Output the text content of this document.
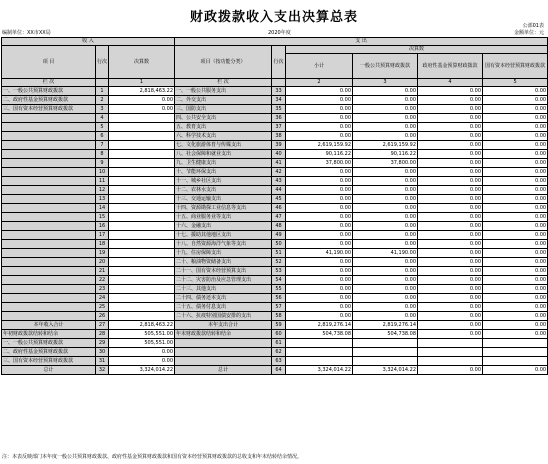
财政拨款收入支出决算总表
公部01表
编制单位：XX市XX局	2020年度	金额单位：元
收 入			支 出					
项 目	行次	决算数	项目（按功能分类）	行次	决算数			
					小计	一般公共预算财政拨款	政府性基金预算财政拨款	国有资本经营预算财政拨款
栏 次		1	栏 次		2	3	4	5
一、一般公共预算财政拨款	1	2,818,463.22	一、一般公共服务支出	33	0.00	0.00	0.00	0.00
二、政府性基金预算财政拨款	2	0.00	二、外交支出	34	0.00	0.00	0.00	0.00
三、国有资本经营预算财政拨款	3	0.00	三、国防支出	35	0.00	0.00	0.00	0.00
	4		四、公共安全支出	36	0.00	0.00	0.00	0.00
	5		五、教育支出	37	0.00	0.00	0.00	0.00
	6		六、科学技术支出	38	0.00	0.00	0.00	0.00
	7		七、文化旅游体育与传媒支出	39	2,619,159.92	2,619,159.92	0.00	0.00
	8		八、社会保障和就业支出	40	90,116.22	90,116.22	0.00	0.00
	9		九、卫生健康支出	41	37,800.00	37,800.00	0.00	0.00
	10		十、节能环保支出	42	0.00	0.00	0.00	0.00
	11		十一、城乡社区支出	43	0.00	0.00	0.00	0.00
	12		十二、农林水支出	44	0.00	0.00	0.00	0.00
	13		十三、交通运输支出	45	0.00	0.00	0.00	0.00
	14		十四、资源勘探工业信息等支出	46	0.00	0.00	0.00	0.00
	15		十五、商业服务业等支出	47	0.00	0.00	0.00	0.00
	16		十六、金融支出	48	0.00	0.00	0.00	0.00
	17		十七、援助其他地区支出	49	0.00	0.00	0.00	0.00
	18		十八、自然资源海洋气象等支出	50	0.00	0.00	0.00	0.00
	19		十九、住房保障支出	51	41,190.00	41,190.00	0.00	0.00
	20		二十、粮油物资储备支出	52	0.00	0.00	0.00	0.00
	21		二十一、国有资本经营预算支出	53	0.00	0.00	0.00	0.00
	22		二十二、灾害防治及应急管理支出	54	0.00	0.00	0.00	0.00
	23		二十三、其他支出	55	0.00	0.00	0.00	0.00
	24		二十四、债务还本支出	56	0.00	0.00	0.00	0.00
	25		二十五、债务付息支出	57	0.00	0.00	0.00	0.00
	26		二十六、抗疫特别国债安排的支出	58	0.00	0.00	0.00	0.00
本年收入合计	27	2,818,463.22	本年支出合计	59	2,819,276.14	2,819,276.14	0.00	0.00
年初财政拨款结转和结余	28	505,551.00	年末财政拨款结转和结余	60	504,738.08	504,738.08	0.00	0.00
一、一般公共预算财政拨款	29	505,551.00		61				
二、政府性基金预算财政拨款	30	0.00		62				
三、国有资本经营预算财政拨款	31	0.00		63				
总计	32	3,324,014.22	总计	64	3,324,014.22	3,324,014.22	0.00	0.00
注：本表反映部门本年度一般公共预算财政拨款、政府性基金预算财政拨款和国有资本经营预算财政拨款的总收支和年末结转结余情况。
